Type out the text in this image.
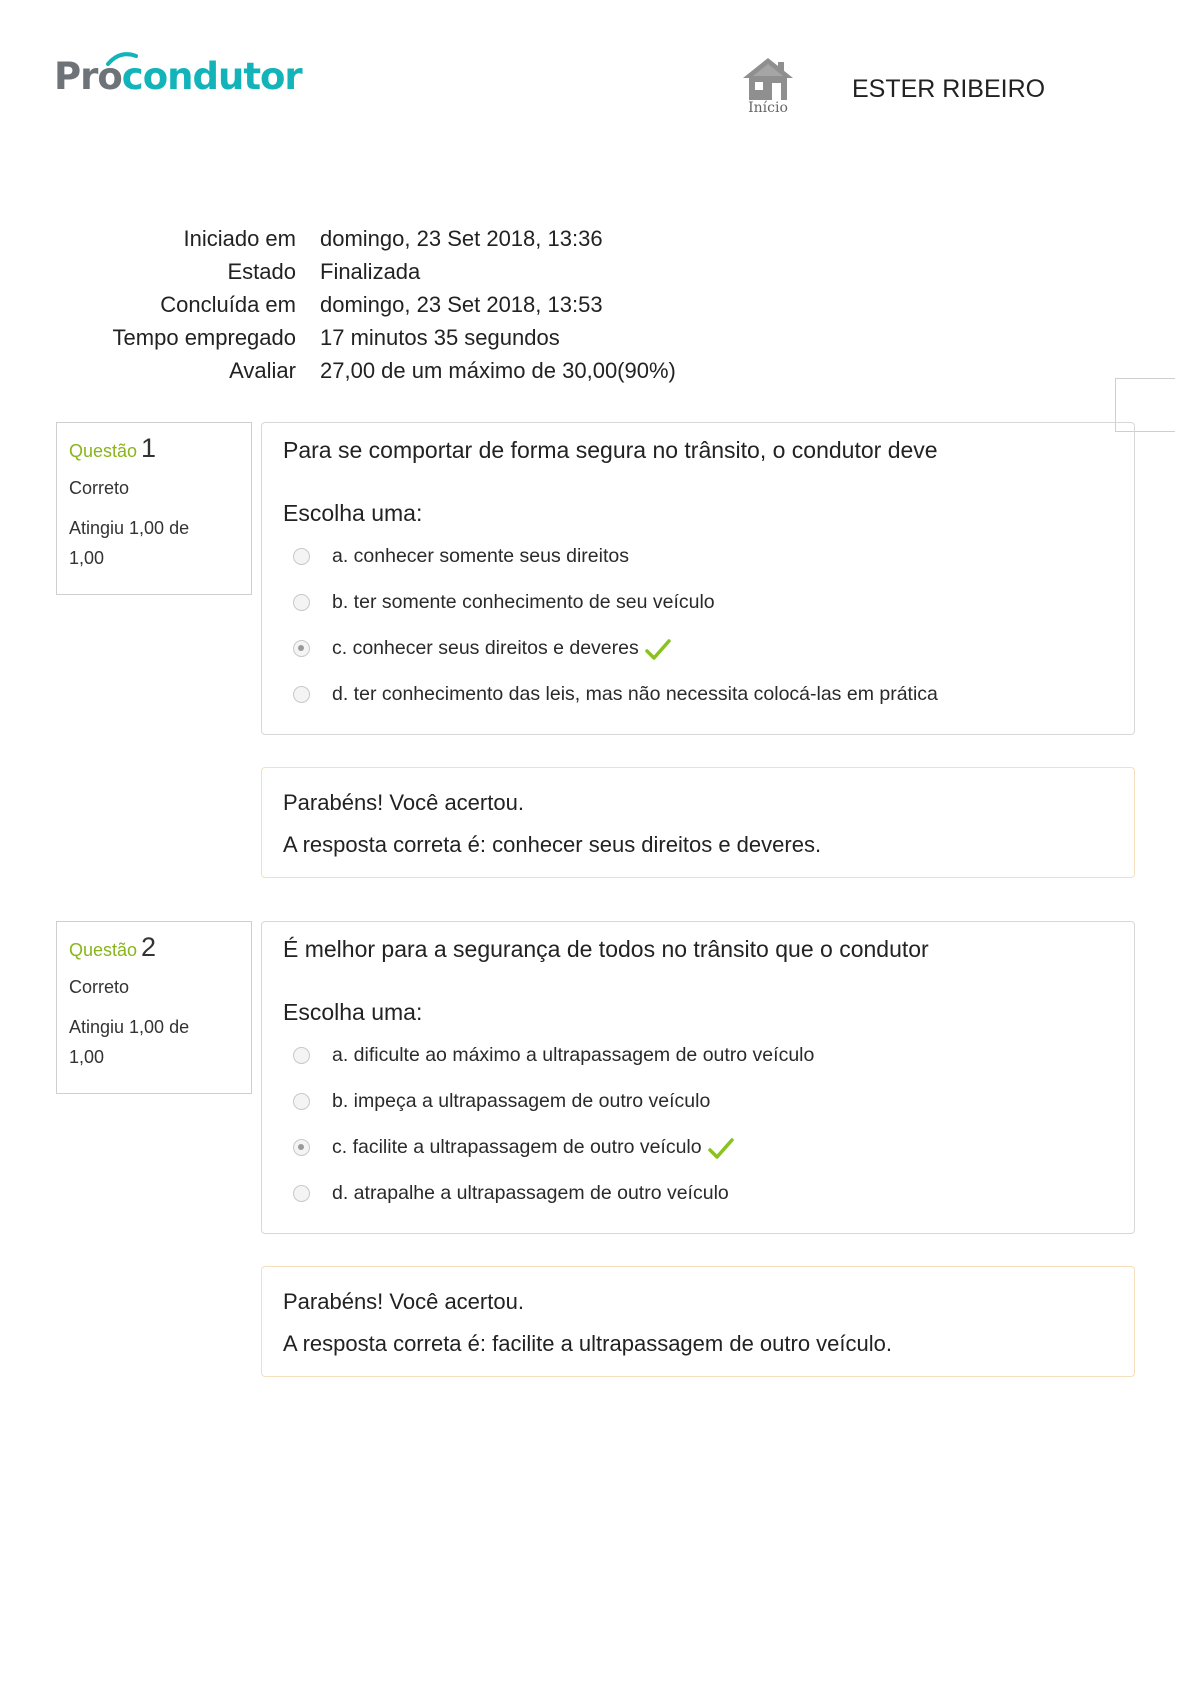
Procondutor
Início
ESTER RIBEIRO
Iniciado em	domingo, 23 Set 2018, 13:36
Estado	Finalizada
Concluída em	domingo, 23 Set 2018, 13:53
Tempo empregado	17 minutos 35 segundos
Avaliar	27,00 de um máximo de 30,00(90%)
Questão 1
Correto
Atingiu 1,00 de 1,00
Para se comportar de forma segura no trânsito, o condutor deve
Escolha uma:
a. conhecer somente seus direitos
b. ter somente conhecimento de seu veículo
c. conhecer seus direitos e deveres
d. ter conhecimento das leis, mas não necessita colocá-las em prática
Parabéns! Você acertou.
A resposta correta é: conhecer seus direitos e deveres.
Questão 2
Correto
Atingiu 1,00 de 1,00
É melhor para a segurança de todos no trânsito que o condutor
Escolha uma:
a. dificulte ao máximo a ultrapassagem de outro veículo
b. impeça a ultrapassagem de outro veículo
c. facilite a ultrapassagem de outro veículo
d. atrapalhe a ultrapassagem de outro veículo
Parabéns! Você acertou.
A resposta correta é: facilite a ultrapassagem de outro veículo.
